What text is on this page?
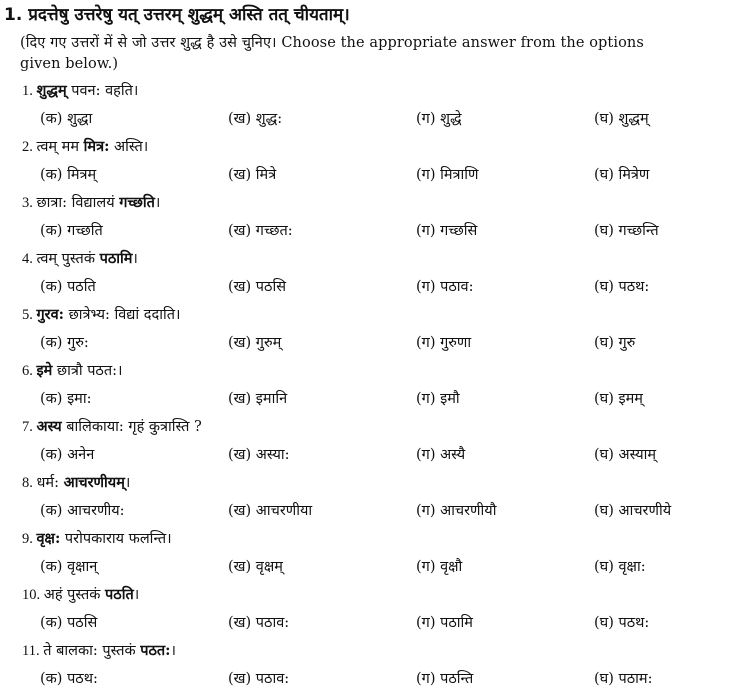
1. प्रदत्तेषु उत्तरेषु यत् उत्तरम् शुद्धम् अस्ति तत् चीयताम्।
(दिए गए उत्तरों में से जो उत्तर शुद्ध है उसे चुनिए। Choose the appropriate answer from the options
given below.)
1. शुद्धम् पवन: वहति।
(क) शुद्धा	(ख) शुद्ध:	(ग) शुद्धे	(घ) शुद्धम्
2. त्वम् मम मित्र: अस्ति।
(क) मित्रम्	(ख) मित्रे	(ग) मित्राणि	(घ) मित्रेण
3. छात्रा: विद्यालयं गच्छति।
(क) गच्छति	(ख) गच्छत:	(ग) गच्छसि	(घ) गच्छन्ति
4. त्वम् पुस्तकं पठामि।
(क) पठति	(ख) पठसि	(ग) पठाव:	(घ) पठथ:
5. गुरव: छात्रेभ्य: विद्यां ददाति।
(क) गुरु:	(ख) गुरुम्	(ग) गुरुणा	(घ) गुरु
6. इमे छात्रौ पठत:।
(क) इमा:	(ख) इमानि	(ग) इमौ	(घ) इमम्
7. अस्य बालिकाया: गृहं कुत्रास्ति ?
(क) अनेन	(ख) अस्या:	(ग) अस्यै	(घ) अस्याम्
8. धर्म: आचरणीयम्।
(क) आचरणीय:	(ख) आचरणीया	(ग) आचरणीयौ	(घ) आचरणीये
9. वृक्ष: परोपकाराय फलन्ति।
(क) वृक्षान्	(ख) वृक्षम्	(ग) वृक्षौ	(घ) वृक्षा:
10. अहं पुस्तकं पठति।
(क) पठसि	(ख) पठाव:	(ग) पठामि	(घ) पठथ:
11. ते बालका: पुस्तकं पठत:।
(क) पठथ:	(ख) पठाव:	(ग) पठन्ति	(घ) पठाम:
